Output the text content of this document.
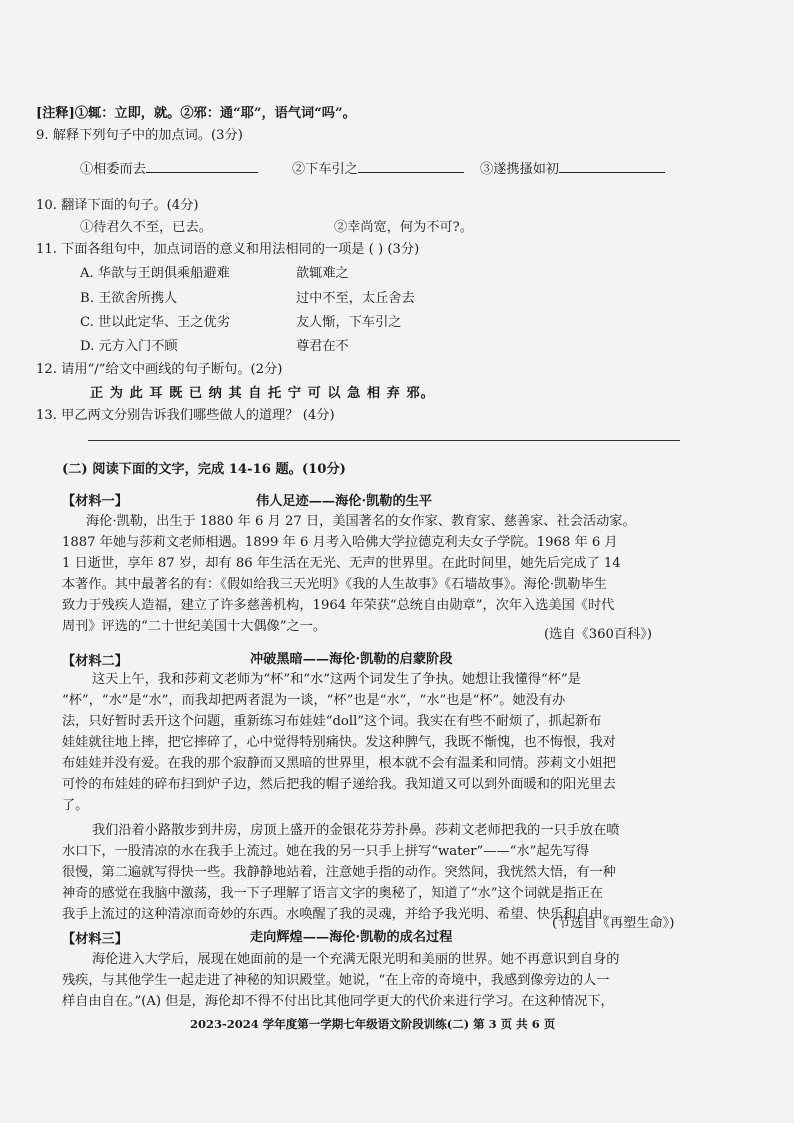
[注释]①辄：立即，就。②邪：通“耶”，语气词“吗”。
9. 解释下列句子中的加点词。(3分)
①相委而去	②下车引之	③遂携搔如初
10. 翻译下面的句子。(4分)
①待君久不至，已去。	②幸尚宽，何为不可?。
11. 下面各组句中，加点词语的意义和用法相同的一项是 ( ) (3分)
A. 华歆与王朗俱乘船避难	歆辄难之
B. 王欲舍所携人	过中不至，太丘舍去
C. 世以此定华、王之优劣	友人惭，下车引之
D. 元方入门不顾	尊君在不
12. 请用“/”给文中画线的句子断句。(2分)
正 为 此 耳 既 已 纳 其 自 托 宁 可 以 急 相 弃 邪。
13. 甲乙两文分别告诉我们哪些做人的道理？ (4分)
(二) 阅读下面的文字，完成 14-16 题。(10分)
【材料一】	伟人足迹——海伦·凯勒的生平
海伦·凯勒，出生于 1880 年 6 月 27 日，美国著名的女作家、教育家、慈善家、社会活动家。
1887 年她与莎莉文老师相遇。1899 年 6 月考入哈佛大学拉德克利夫女子学院。1968 年 6 月
1 日逝世，享年 87 岁，却有 86 年生活在无光、无声的世界里。在此时间里，她先后完成了 14
本著作。其中最著名的有：《假如给我三天光明》《我的人生故事》《石墙故事》。海伦·凯勒毕生
致力于残疾人造福，建立了许多慈善机构，1964 年荣获“总统自由勋章”，次年入选美国《时代
周刊》评选的“二十世纪美国十大偶像”之一。
(选自《360百科》)
【材料二】	冲破黑暗——海伦·凯勒的启蒙阶段
这天上午，我和莎莉文老师为“杯”和“水”这两个词发生了争执。她想让我懂得“杯”是
“杯”，“水”是“水”，而我却把两者混为一谈，“杯”也是“水”，“水”也是“杯”。她没有办
法，只好暂时丢开这个问题，重新练习布娃娃“doll”这个词。我实在有些不耐烦了，抓起新布
娃娃就往地上摔，把它摔碎了，心中觉得特别痛快。发这种脾气，我既不惭愧，也不悔恨，我对
布娃娃并没有爱。在我的那个寂静而又黑暗的世界里，根本就不会有温柔和同情。莎莉文小姐把
可怜的布娃娃的碎布扫到炉子边，然后把我的帽子递给我。我知道又可以到外面暖和的阳光里去
了。
我们沿着小路散步到井房，房顶上盛开的金银花芬芳扑鼻。莎莉文老师把我的一只手放在喷
水口下，一股清凉的水在我手上流过。她在我的另一只手上拼写“water”——“水”起先写得
很慢，第二遍就写得快一些。我静静地站着，注意她手指的动作。突然间，我恍然大悟，有一种
神奇的感觉在我脑中激荡，我一下子理解了语言文字的奥秘了，知道了“水”这个词就是指正在
我手上流过的这种清凉而奇妙的东西。水唤醒了我的灵魂，并给予我光明、希望、快乐和自由。
(节选自《再塑生命》)
【材料三】	走向辉煌——海伦·凯勒的成名过程
海伦进入大学后，展现在她面前的是一个充满无限光明和美丽的世界。她不再意识到自身的
残疾，与其他学生一起走进了神秘的知识殿堂。她说，“在上帝的奇境中，我感到像旁边的人一
样自由自在。”(A) 但是，海伦却不得不付出比其他同学更大的代价来进行学习。在这种情况下，
2023-2024 学年度第一学期七年级语文阶段训练(二) 第 3 页 共 6 页
